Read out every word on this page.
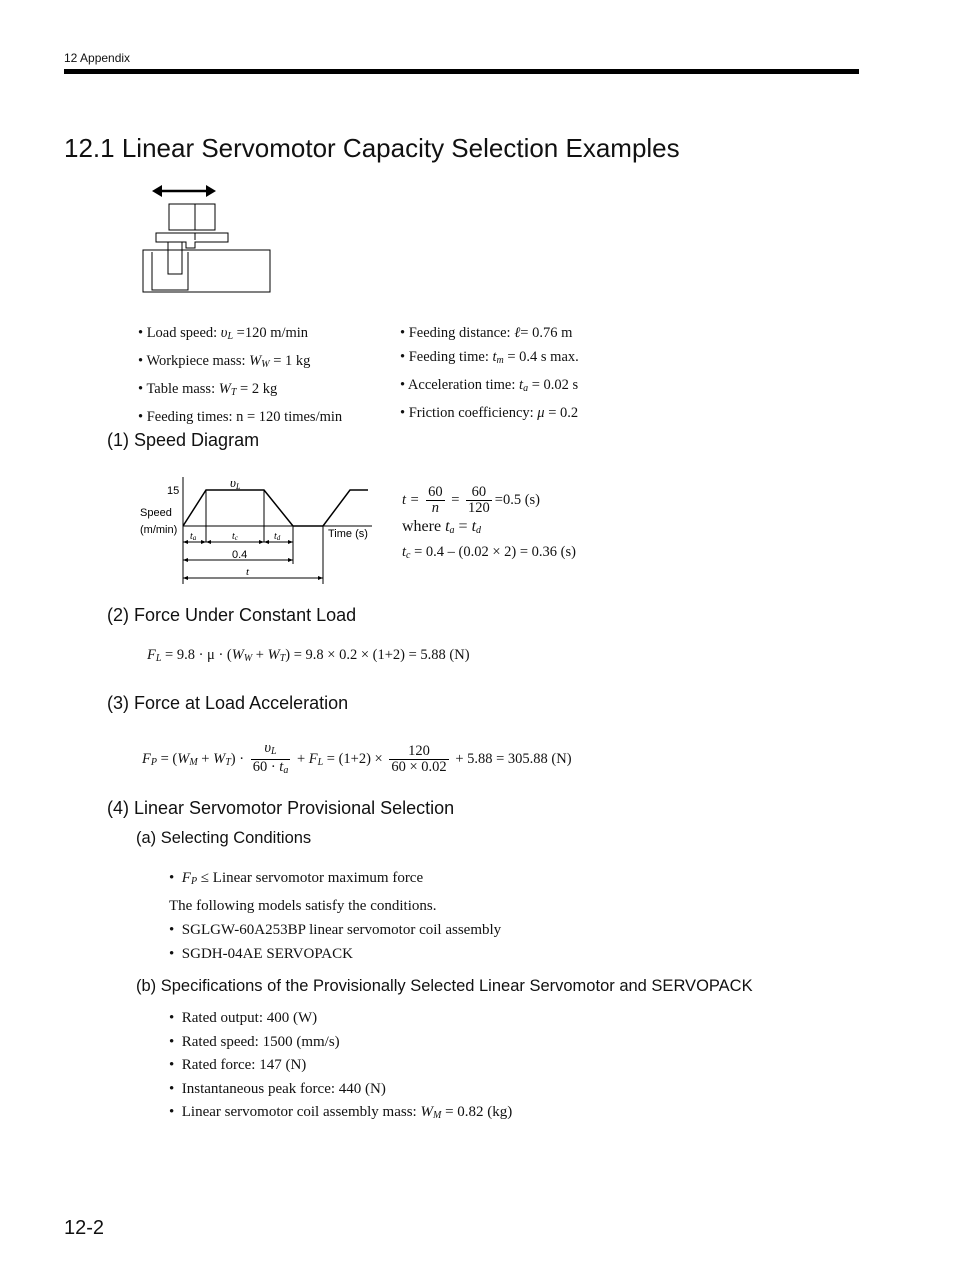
12 Appendix
12.1 Linear Servomotor Capacity Selection Examples
• Load speed: $\upsilon_L =120$ m/min
• Workpiece mass: $W_W = 1$ kg
• Table mass: $W_T = 2$ kg
• Feeding times: n = 120 times/min
• Feeding distance: ℓ= 0.76 m
• Feeding time: $t_m = 0.4$ s max.
• Acceleration time: $t_a = 0.02$ s
• Friction coefficiency: μ = 0.2
(1) Speed Diagram
15
Speed
(m/min)	Time (s)
υL
ta	tc	td
0.4
t
$t = \frac{60}{n} = \frac{60}{120} =0.5$ (s)
where $t_a = t_d$
$t_c = 0.4 - (0.02 \times 2) = 0.36$ (s)
(2) Force Under Constant Load
$F_L = 9.8 \cdot \mu \cdot (W_W + W_T) = 9.8 \times 0.2 \times (1+2) = 5.88$ (N)
(3) Force at Load Acceleration
$F_P = (W_M + W_T) \cdot \frac{\upsilon_L}{60 \cdot t_a} + F_L = (1+2) \times \frac{120}{60 \times 0.02} + 5.88 = 305.88$ (N)
(4) Linear Servomotor Provisional Selection
(a) Selecting Conditions
•  $F_P$ ≤ Linear servomotor maximum force
The following models satisfy the conditions.
•  SGLGW-60A253BP linear servomotor coil assembly
•  SGDH-04AE SERVOPACK
(b) Specifications of the Provisionally Selected Linear Servomotor and SERVOPACK
•  Rated output: 400 (W)
•  Rated speed: 1500 (mm/s)
•  Rated force: 147 (N)
•  Instantaneous peak force: 440 (N)
•  Linear servomotor coil assembly mass: $W_M = 0.82$ (kg)
12-2
